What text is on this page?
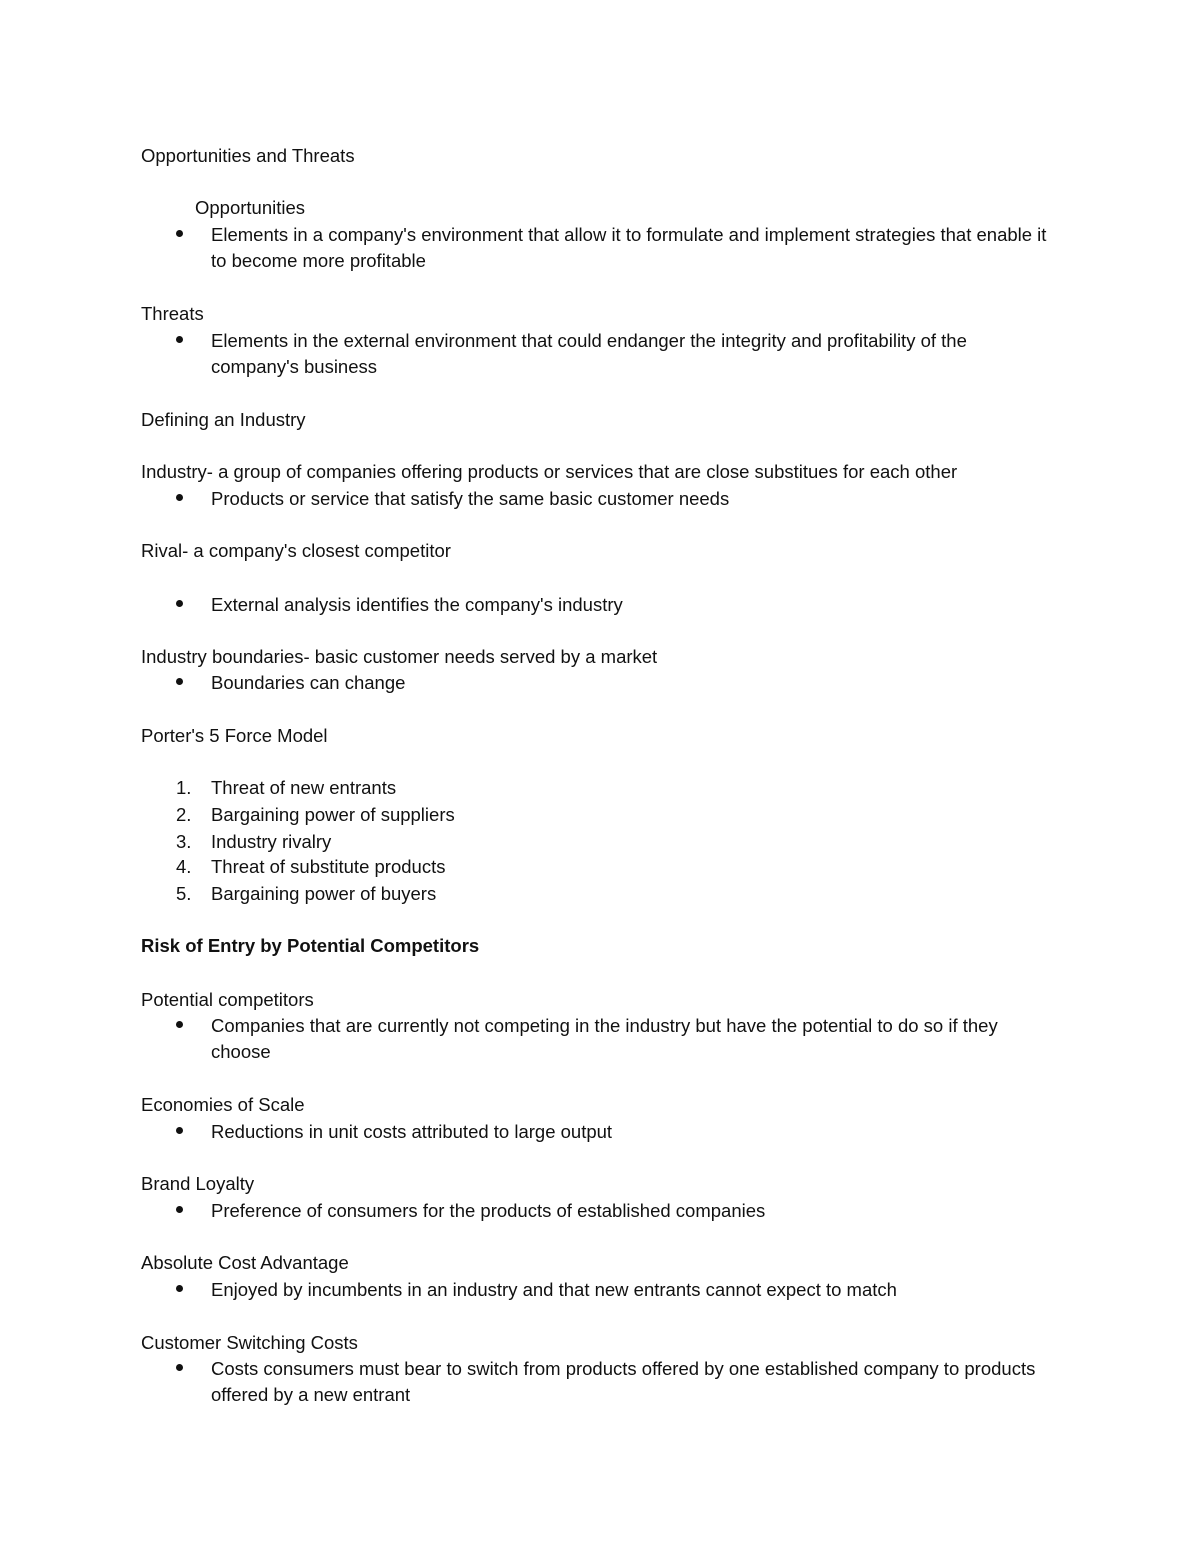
Opportunities and Threats
Opportunities
Elements in a company's environment that allow it to formulate and implement strategies that enable it to become more profitable
Threats
Elements in the external environment that could endanger the integrity and profitability of the company's business
Defining an Industry
Industry- a group of companies offering products or services that are close substitues for each other
Products or service that satisfy the same basic customer needs
Rival- a company's closest competitor
External analysis identifies the company's industry
Industry boundaries- basic customer needs served by a market
Boundaries can change
Porter's 5 Force Model
1. Threat of new entrants
2. Bargaining power of suppliers
3. Industry rivalry
4. Threat of substitute products
5. Bargaining power of buyers
Risk of Entry by Potential Competitors
Potential competitors
Companies that are currently not competing in the industry but have the potential to do so if they choose
Economies of Scale
Reductions in unit costs attributed to large output
Brand Loyalty
Preference of consumers for the products of established companies
Absolute Cost Advantage
Enjoyed by incumbents in an industry and that new entrants cannot expect to match
Customer Switching Costs
Costs consumers must bear to switch from products offered by one established company to products offered by a new entrant
